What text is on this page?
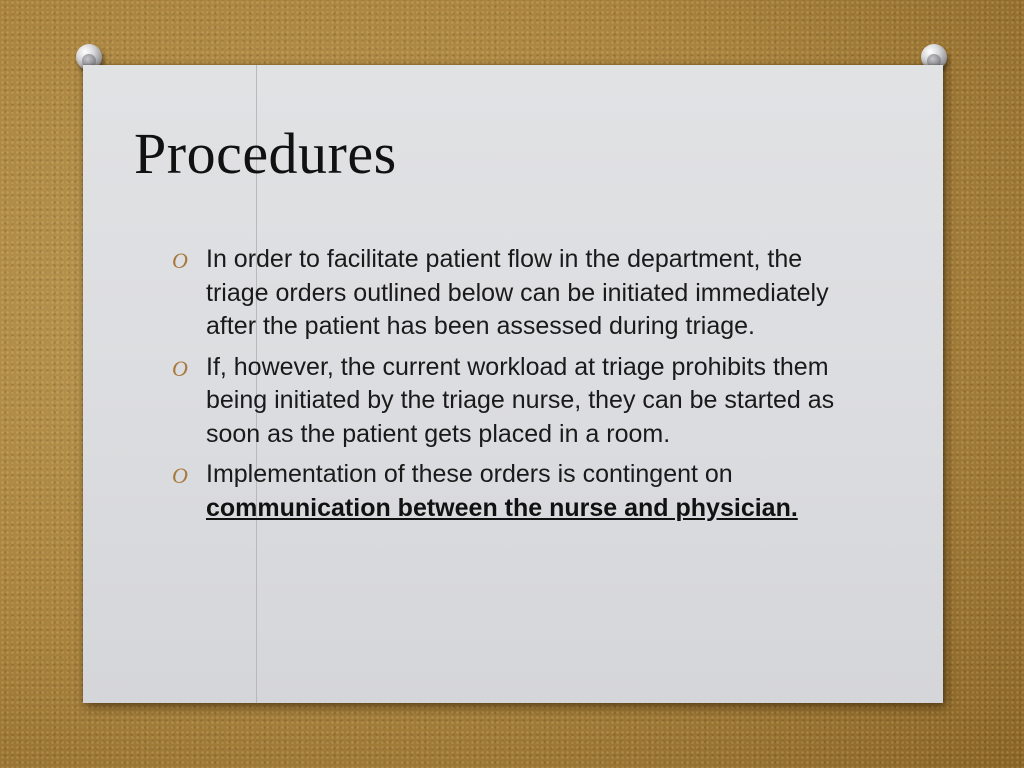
Procedures
O In order to facilitate patient flow in the department, the triage orders outlined below can be initiated immediately after the patient has been assessed during triage.
O If, however, the current workload at triage prohibits them being initiated by the triage nurse, they can be started as soon as the patient gets placed in a room.
O Implementation of these orders is contingent on communication between the nurse and physician.
